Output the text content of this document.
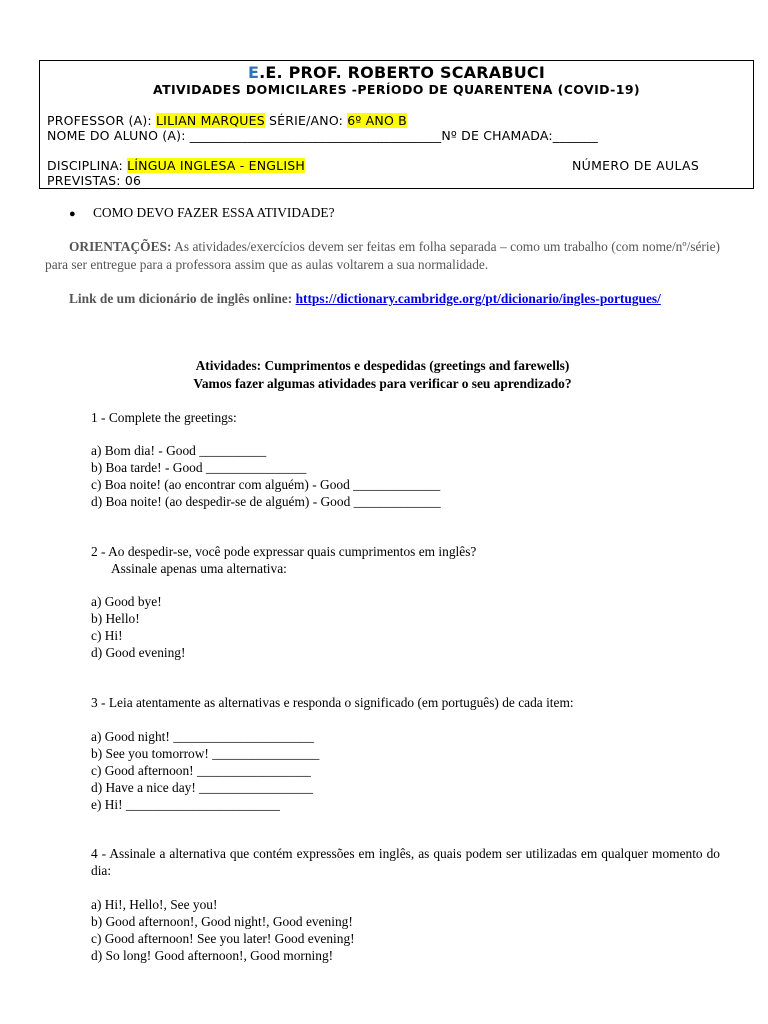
E.E. PROF. ROBERTO SCARABUCI
ATIVIDADES DOMICILARES -PERÍODO DE QUARENTENA (COVID-19)
PROFESSOR (A): LILIAN MARQUES SÉRIE/ANO: 6º ANO B
NOME DO ALUNO (A): _______________________________________Nº DE CHAMADA:_______
DISCIPLINA: LÍNGUA INGLESA - ENGLISH	NÚMERO DE AULAS
PREVISTAS: 06
● COMO DEVO FAZER ESSA ATIVIDADE?
ORIENTAÇÕES: As atividades/exercícios devem ser feitas em folha separada – como um trabalho (com nome/nº/série) para ser entregue para a professora assim que as aulas voltarem a sua normalidade.
Link de um dicionário de inglês online: https://dictionary.cambridge.org/pt/dicionario/ingles-portugues/
Atividades: Cumprimentos e despedidas (greetings and farewells)
Vamos fazer algumas atividades para verificar o seu aprendizado?
1 - Complete the greetings:
a) Bom dia! - Good __________
b) Boa tarde! - Good _______________
c) Boa noite! (ao encontrar com alguém) - Good _____________
d) Boa noite! (ao despedir-se de alguém) - Good _____________
2 - Ao despedir-se, você pode expressar quais cumprimentos em inglês?
Assinale apenas uma alternativa:
a) Good bye!
b) Hello!
c) Hi!
d) Good evening!
3 - Leia atentamente as alternativas e responda o significado (em português) de cada item:
a) Good night! _____________________
b) See you tomorrow! ________________
c) Good afternoon! _________________
d) Have a nice day! _________________
e) Hi! _______________________
4 - Assinale a alternativa que contém expressões em inglês, as quais podem ser utilizadas em qualquer momento do dia:
a) Hi!, Hello!, See you!
b) Good afternoon!, Good night!, Good evening!
c) Good afternoon! See you later! Good evening!
d) So long! Good afternoon!, Good morning!
